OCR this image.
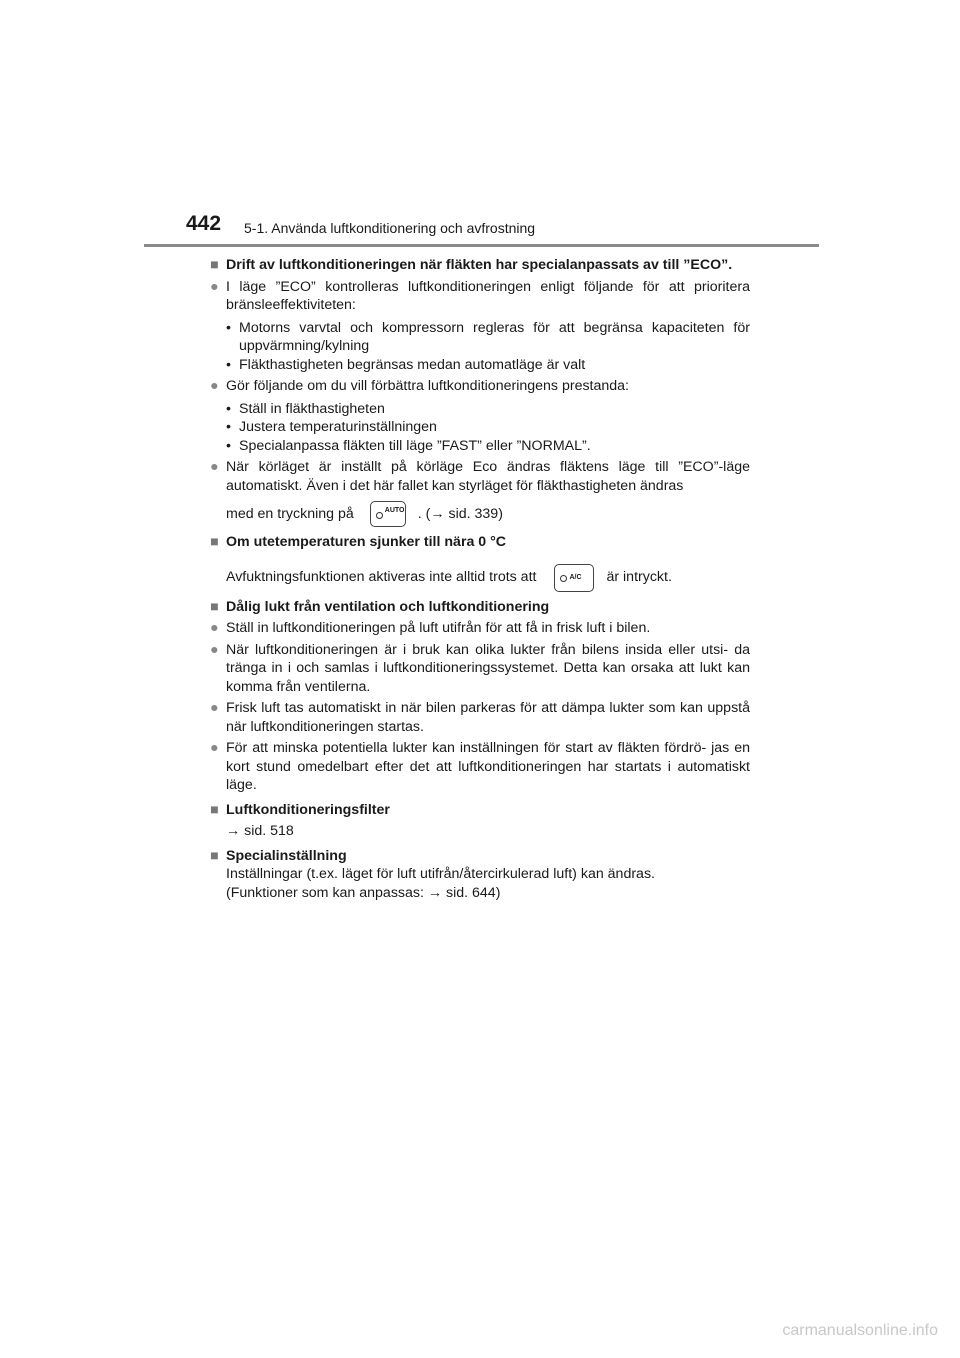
442 5-1. Använda luftkonditionering och avfrostning
■ Drift av luftkonditioneringen när fläkten har specialanpassats av till ”ECO”.
● I läge ”ECO” kontrolleras luftkonditioneringen enligt följande för att prioritera bränsleeffektiviteten:
• Motorns varvtal och kompressorn regleras för att begränsa kapaciteten för uppvärmning/kylning
• Fläkthastigheten begränsas medan automatläge är valt
● Gör följande om du vill förbättra luftkonditioneringens prestanda:
• Ställ in fläkthastigheten
• Justera temperaturinställningen
• Specialanpassa fläkten till läge ”FAST” eller ”NORMAL”.
● När körläget är inställt på körläge Eco ändras fläktens läge till ”ECO”-läge automatiskt. Även i det här fallet kan styrläget för fläkthastigheten ändras
med en tryckning på	AUTO . (→ sid. 339)
■ Om utetemperaturen sjunker till nära 0 °C
Avfuktningsfunktionen aktiveras inte alltid trots att	A/C är intryckt.
■ Dålig lukt från ventilation och luftkonditionering
● Ställ in luftkonditioneringen på luft utifrån för att få in frisk luft i bilen.
● När luftkonditioneringen är i bruk kan olika lukter från bilens insida eller utsi- da tränga in i och samlas i luftkonditioneringssystemet. Detta kan orsaka att lukt kan komma från ventilerna.
● Frisk luft tas automatiskt in när bilen parkeras för att dämpa lukter som kan uppstå när luftkonditioneringen startas.
● För att minska potentiella lukter kan inställningen för start av fläkten fördrö- jas en kort stund omedelbart efter det att luftkonditioneringen har startats i automatiskt läge.
■ Luftkonditioneringsfilter
→ sid. 518
■ Specialinställning
Inställningar (t.ex. läget för luft utifrån/återcirkulerad luft) kan ändras.
(Funktioner som kan anpassas: → sid. 644)
carmanualsonline.info
